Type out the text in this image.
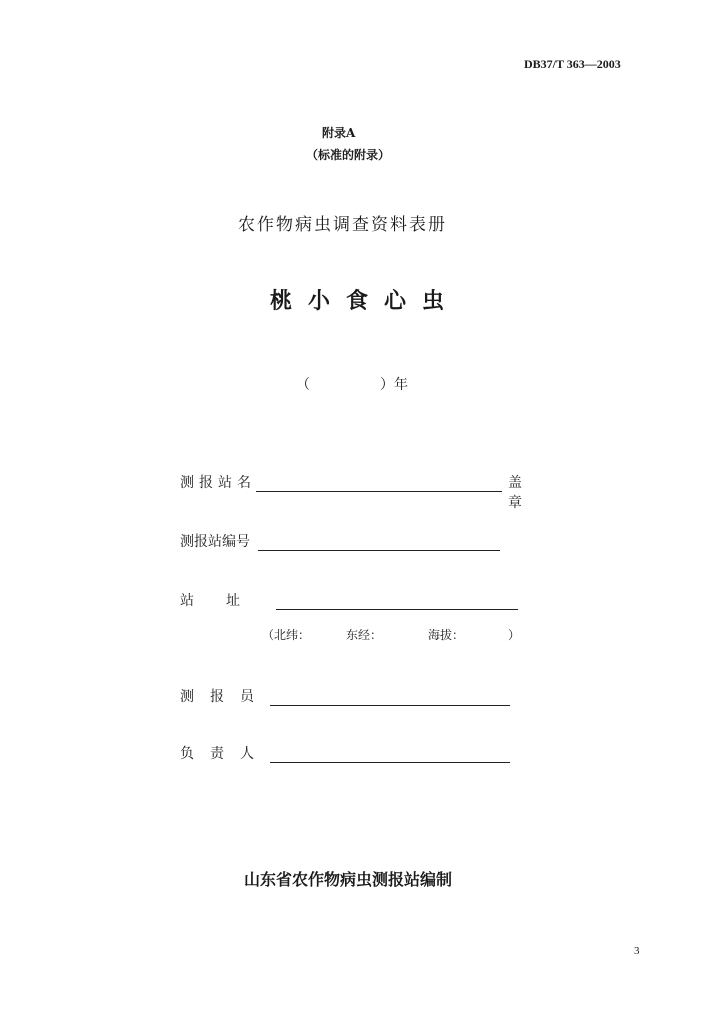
DB37/T 363—2003
附录A
（标准的附录）
农作物病虫调查资料表册
桃小食心虫
（	）年
测报站名	盖章
测报站编号
站址
（北纬：	东经：	海拔：	）
测报员
负责人
山东省农作物病虫测报站编制
3
